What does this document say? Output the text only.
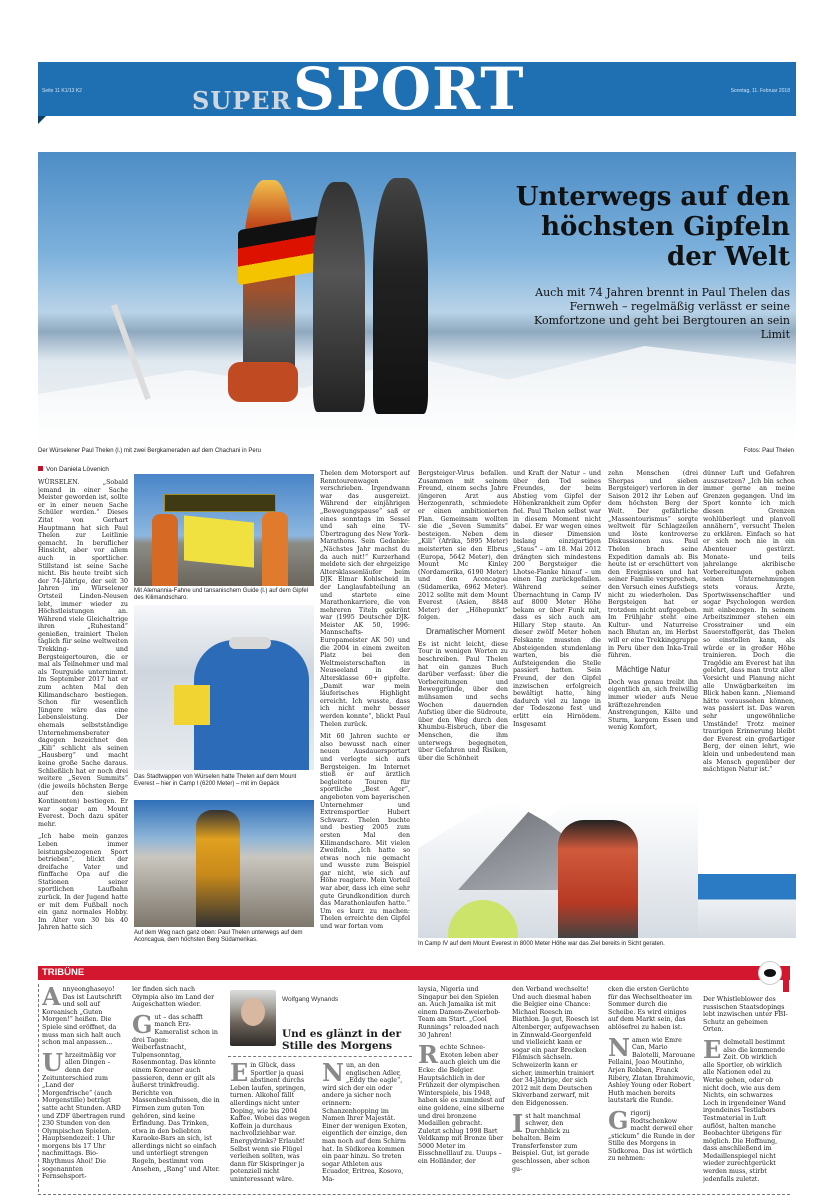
Seite 11 K1/13 K2	SUPER SPORT	Sonntag, 11. Februar 2018
Unterwegs auf den höchsten Gipfeln der Welt
Auch mit 74 Jahren brennt in Paul Thelen das Fernweh – regelmäßig verlässt er seine Komfortzone und geht bei Bergtouren an sein Limit
Der Würselener Paul Thelen (l.) mit zwei Bergkameraden auf dem Chachani in Peru	Fotos: Paul Thelen
Von Daniela Lövenich

WÜRSELEN. „Sobald jemand in einer Sache Meister geworden ist, sollte er in einer neuen Sache Schüler werden.“ Dieses Zitat von Gerhart Hauptmann hat sich Paul Thelen zur Leitlinie gemacht. In beruflicher Hinsicht, aber vor allem auch in sportlicher. Stillstand ist seine Sache nicht. Bis heute treibt sich der 74-Jährige, der seit 30 Jahren im Würselener Ortsteil Linden-Neusen lebt, immer wieder zu Höchstleistungen an. Während viele Gleichaltrige ihren „Ruhestand“ genießen, trainiert Thelen täglich für seine weltweiten Trekking- und Bergsteigertouren, die er mal als Teilnehmer und mal als Tourguide unternimmt. Im September 2017 hat er zum achten Mal den Kilimandscharo bestiegen. Schon für wesentlich Jüngere wäre das eine Lebensleistung. Der ehemals selbstständige Unternehmensberater dagegen bezeichnet den „Kili“ schlicht als seinen „Hausberg“ und macht keine große Sache daraus. Schließlich hat er noch drei weitere „Seven Summits“ (die jeweils höchsten Berge auf den sieben Kontinenten) bestiegen. Er war sogar am Mount Everest. Doch dazu später mehr.

„Ich habe mein ganzes Leben immer leistungsbezogenen Sport betrieben“, blickt der dreifache Vater und fünffache Opa auf die Stationen seiner sportlichen Laufbahn zurück. In der Jugend hatte er mit dem Fußball noch ein ganz normales Hobby. Im Alter von 30 bis 40 Jahren hatte sich

Mit Alemannia-Fahne und tansanischem Guide (l.) auf dem Gipfel des Kilimandscharo.
Das Stadtwappen von Würselen hatte Thelen auf dem Mount Everest – hier in Camp I (6200 Meter) – mit im Gepäck
Auf dem Weg nach ganz oben: Paul Thelen unterwegs auf dem Aconcagua, dem höchsten Berg Südamerikas.

Thelen dem Motorsport auf Renntourenwagen verschrieben. Irgendwann war das ausgereizt. Während der einjährigen „Bewegungspause“ saß er eines sonntags im Sessel und sah eine TV-Übertragung des New York-Marathons. Sein Gedanke: „Nächstes Jahr machst du da auch mit!“ Kurzerhand meldete sich der ehrgeizige Altersklassenläufer beim DJK Elmar Kohlscheid in der Langlaufabteilung an und startete eine Marathonkarriere, die von mehreren Titeln gekrönt war (1995 Deutscher DJK-Meister AK 50, 1996: Mannschafts-Europameister AK 50) und die 2004 in einem zweiten Platz bei den Weltmeisterschaften in Neuseeland in der Altersklasse 60+ gipfelte. „Damit war mein läuferisches Highlight erreicht. Ich wusste, dass ich nicht mehr besser werden konnte“, blickt Paul Thelen zurück.

Mit 60 Jahren suchte er also bewusst nach einer neuen Ausdauersportart und verlegte sich aufs Bergsteigen. Im Internet stieß er auf ärztlich begleitete Touren für sportliche „Best Ager“, angeboten vom bayerischen Unternehmer und Extremsportler Hubert Schwarz. Thelen buchte und bestieg 2005 zum ersten Mal den Kilimandscharo. Mit vielen Zweifeln. „Ich hatte so etwas noch nie gemacht und wusste zum Beispiel gar nicht, wie sich auf Höhe reagiere. Mein Vorteil war aber, dass ich eine sehr gute Grundkondition durch das Marathonlaufen hatte.“ Um es kurz zu machen: Thelen erreichte den Gipfel und war fortan vom

Bergsteiger-Virus befallen. Zusammen mit seinem Freund, einem sechs Jahre jüngeren Arzt aus Herzogenrath, schmiedete er einen ambitionierten Plan. Gemeinsam wollten sie die „Seven Summits“ besteigen. Neben dem „Kili“ (Afrika, 5895 Meter) meisterten sie den Elbrus (Europa, 5642 Meter), den Mount Mc Kinley (Nordamerika, 6190 Meter) und den Aconcagua (Südamerika, 6962 Meter). 2012 sollte mit dem Mount Everest (Asien, 8848 Meter) der „Höhepunkt“ folgen.

Dramatischer Moment

Es ist nicht leicht, diese Tour in wenigen Worten zu beschreiben. Paul Thelen hat ein ganzes Buch darüber verfasst: über die Vorbereitungen und Beweggründe, über den mühsamen und sechs Wochen dauernden Aufstieg über die Südroute, über den Weg durch den Khumbu-Eisbruch, über die Menschen, die ihm unterwegs begegneten, über Gefahren und Risiken, über die Schönheit

und Kraft der Natur – und über den Tod seines Freundes, der beim Abstieg vom Gipfel der Höhenkrankheit zum Opfer fiel. Paul Thelen selbst war in diesem Moment nicht dabei. Er war wegen eines in dieser Dimension bislang einzigartigen „Staus“ – am 18. Mai 2012 drängten sich mindestens 200 Bergsteiger die Lhotse-Flanke hinauf – um einen Tag zurückgefallen. Während seiner Übernachtung in Camp IV auf 8000 Meter Höhe bekam er über Funk mit, dass es sich auch am Hillary Step staute. An dieser zwölf Meter hohen Felskante mussten die Absteigenden stundenlang warten, bis die Aufsteigenden die Stelle passiert hatten. Sein Freund, der den Gipfel inzwischen erfolgreich bewältigt hatte, hing dadurch viel zu lange in der Todeszone fest und erlitt ein Hirnödem. Insgesamt

zehn Menschen (drei Sherpas und sieben Bergsteiger) verloren in der Saison 2012 ihr Leben auf dem höchsten Berg der Welt. Der gefährliche „Massentourismus“ sorgte weltweit für Schlagzeilen und löste kontroverse Diskussionen aus. Paul Thelen brach seine Expedition damals ab. Bis heute ist er erschüttert von den Ereignissen und hat seiner Familie versprochen, den Versuch eines Aufstiegs nicht zu wiederholen. Das Bergsteigen hat er trotzdem nicht aufgegeben. Im Frühjahr steht eine Kultur- und Naturreise nach Bhutan an, im Herbst will er eine Trekkinggruppe in Peru über den Inka-Trail führen.

Mächtige Natur

Doch was genau treibt ihn eigentlich an, sich freiwillig immer wieder aufs Neue kräftezehrenden Anstrengungen, Kälte und Sturm, kargem Essen und wenig Komfort,

dünner Luft und Gefahren auszusetzen? „Ich bin schon immer gerne an meine Grenzen gegangen. Und im Sport konnte ich mich diesen Grenzen wohlüberlegt und planvoll annähern“, versucht Thelen zu erklären. Einfach so hat er sich noch nie in ein Abenteuer gestürzt. Monate- und teils jahrelange akribische Vorbereitungen gehen seinen Unternehmungen stets voraus. Ärzte, Sportwissenschaftler und sogar Psychologen werden mit einbezogen. In seinem Arbeitszimmer stehen ein Crosstrainer und ein Sauerstoffgerät, das Thelen so einstellen kann, als würde er in großer Höhe trainieren. Doch die Tragödie am Everest hat ihn gelehrt, dass man trotz aller Vorsicht und Planung nicht alle Unwägbarkeiten im Blick haben kann. „Niemand hätte voraussehen können, was passiert ist. Das waren sehr ungewöhnliche Umstände! Trotz meiner traurigen Erinnerung bleibt der Everest ein großartiger Berg, der einen lehrt, wie klein und unbedeutend man als Mensch gegenüber der mächtigen Natur ist.“

In Camp IV auf dem Mount Everest in 8000 Meter Höhe war das Ziel bereits in Sicht geraten.
TRIBÜNE

Annyeonghaseyo! Das ist Lautschrift und soll auf Koreanisch „Guten Morgen!“ heißen. Die Spiele sind eröffnet, da muss man sich halt auch schon mal anpassen…

Uhrzeitmäßig vor allen Dingen – denn der Zeitunterschied zum „Land der Morgenfrische“ (auch Morgenstille) beträgt satte acht Stunden. ARD und ZDF übertragen rund 230 Stunden von den Olympischen Spielen. Hauptsendezeit: 1 Uhr morgens bis 17 Uhr nachmittags. Bio-Rhythmus Ahoi! Die sogenannten Fernsehsport-

ler finden sich nach Olympia also im Land der Augeschatten wieder.

Gut – das schafft manch Erz-Kameralist schon in drei Tagen: Weiberfastnacht, Tulpensonntag, Rosenmontag. Das könnte einem Koreaner auch passieren, denn er gilt als äußerst trinkfreudig. Berichte von Massenbesäufnissen, die in Firmen zum guten Ton gehören, sind keine Erfindung. Das Trinken, etwa in den beliebten Karaoke-Bars an sich, ist allerdings nicht so einfach und unterliegt strengen Regeln, bestimmt vom Ansehen, „Rang“ und Alter.

Wolfgang Wynands
Und es glänzt in der Stille des Morgens

Ein Glück, dass Sportler ja quasi abstinent durchs Leben laufen, springen, turnen. Alkohol fällt allerdings nicht unter Doping, wie bis 2004 Kaffee. Wobei das wegen Koffein ja durchaus nachvollziehbar war. Energydrinks? Erlaubt! Selbst wenn sie Flügel verleihen sollten, was dann für Skispringer ja potenziell nicht uninteressant wäre.

Nun, an den englischen Adler, „Eddy the eagle“, wird sich der ein oder andere ja sicher noch erinnern: Schanzenhopping im Namen Ihrer Majestät. Einer der wenigen Exoten, eigentlich der einzige, den man noch auf dem Schirm hat. In Südkorea kommen ein paar hinzu. So treten sogar Athleten aus Ecuador, Eritrea, Kosovo, Ma-

laysia, Nigeria und Singapur bei den Spielen an. Auch Jamaika ist mit einem Damen-Zweierbob-Team am Start. „Cool Runnings“ reloaded nach 30 Jahren!

Rechte Schnee-Exoten leben aber auch gleich um die Ecke: die Belgier. Hauptsächlich in der Frühzeit der olympischen Winterspiele, bis 1948, haben sie es zumindest auf eine goldene, eine silberne und drei bronzene Medaillen gebracht. Zuletzt schlug 1998 Bart Veldkamp mit Bronze über 5000 Meter im Eisschnelllauf zu. Uuups – ein Holländer, der

den Verband wechselte! Und auch diesmal haben die Belgier eine Chance: Michael Roesch im Biathlon. Ja gut, Roesch ist Altenberger, aufgewachsen in Zinnwald-Georgenfeld und vielleicht kann er sogar ein paar Brocken Flämisch sächseln. Schweizerln kann er sicher, immerhin trainiert der 34-Jährige, der sich 2012 mit dem Deutschen Skiverband zerwarf, mit den Eidgenossen.

Ist halt manchmal schwer, den Durchblick zu behalten. Beim Transferfenster zum Beispiel. Gut, ist gerade geschlossen, aber schon gu-

cken die ersten Gerüchte für das Wechseltheater im Sommer durch die Scheibe. Es wird einiges auf dem Markt sein, das ablösefrei zu haben ist.

Namen wie Emre Can, Mario Balotelli, Marouane Fellaini, Joao Moutinho, Arjen Robben, Franck Ribéry, Zlatan Ibrahimovic, Ashley Young oder Robert Huth machen bereits lautstark die Runde.

Grigorij Rodtschenkow macht derweil eher „stickum“ die Runde in der Stille des Morgens in Südkorea. Das ist wörtlich zu nehmen:

Der Whistleblower des russischen Staatsdopings lebt inzwischen unter FBI-Schutz an geheimen Orten.

Edelmetall bestimmt also die kommende Zeit. Ob wirklich alle Sportler, ob wirklich alle Nationen edel zu Werke gehen, oder ob nicht doch, wie aus dem Nichts, ein schwarzes Loch in irgendeiner Wand irgendeines Testlabors Testmaterial in Luft auflöst, halten manche Beobachter übrigens für möglich. Die Hoffnung, dass anschließend im Medaillenspiegel nicht wieder zurechtgerückt werden muss, stirbt jedenfalls zuletzt.
